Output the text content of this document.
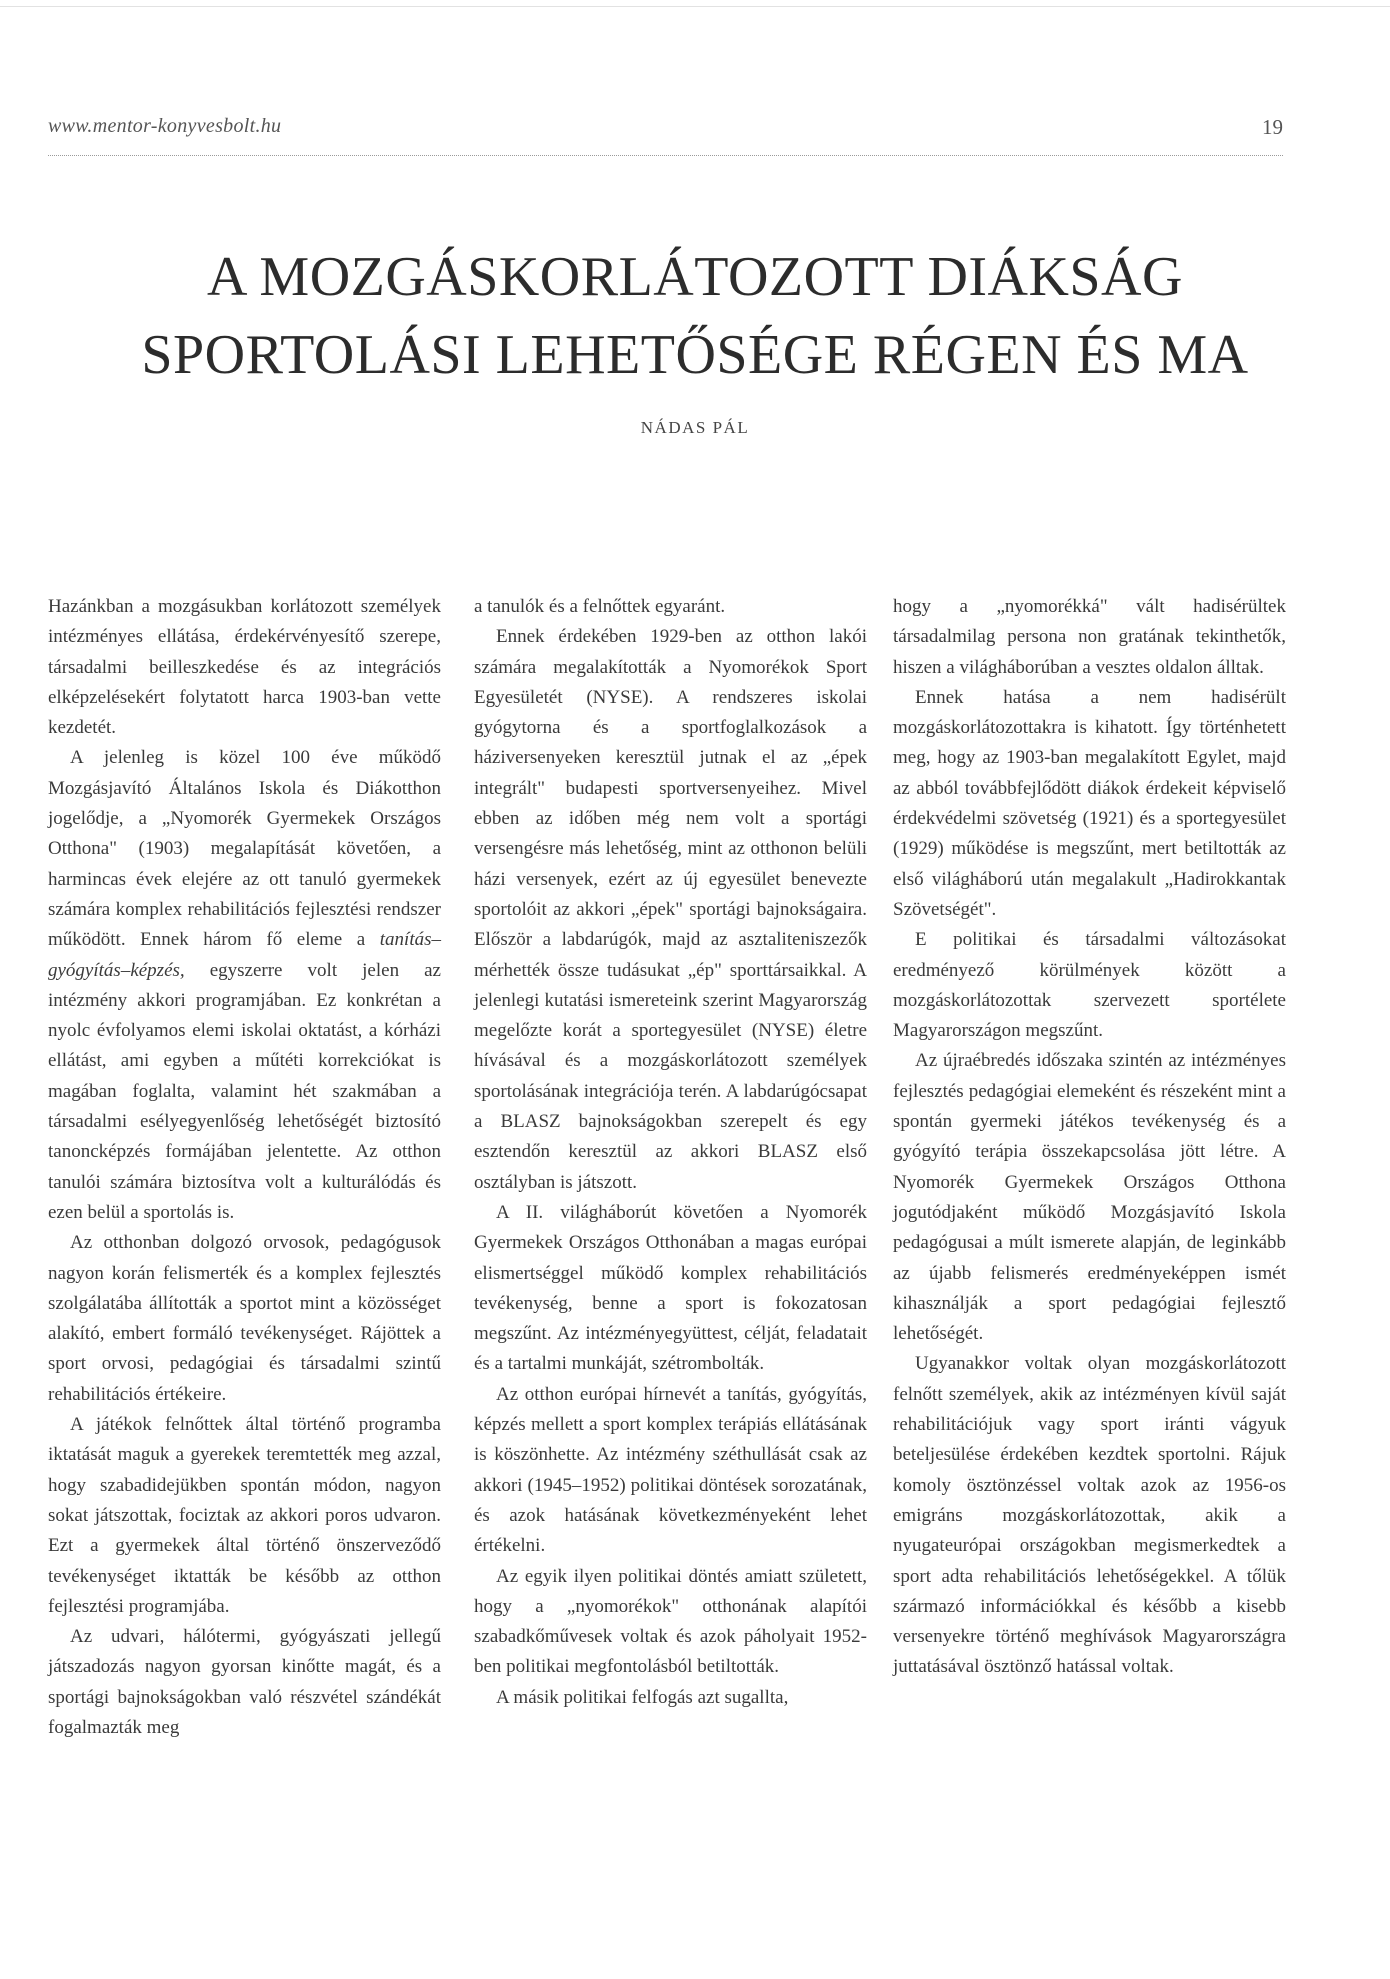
www.mentor-konyvesbolt.hu	19
A MOZGÁSKORLÁTOZOTT DIÁKSÁG
SPORTOLÁSI LEHETŐSÉGE RÉGEN ÉS MA
NÁDAS PÁL

Hazánkban a mozgásukban korlátozott személyek intézményes ellátása, érdekérvényesítő szerepe, társadalmi beilleszkedése és az integrációs elképzelésekért folytatott harca 1903-ban vette kezdetét.

A jelenleg is közel 100 éve működő Mozgásjavító Általános Iskola és Diákotthon jogelődje, a „Nyomorék Gyermekek Országos Otthona" (1903) megalapítását követően, a harmincas évek elejére az ott tanuló gyermekek számára komplex rehabilitációs fejlesztési rendszer működött. Ennek három fő eleme a tanítás–gyógyítás–képzés, egyszerre volt jelen az intézmény akkori programjában. Ez konkrétan a nyolc évfolyamos elemi iskolai oktatást, a kórházi ellátást, ami egyben a műtéti korrekciókat is magában foglalta, valamint hét szakmában a társadalmi esélyegyenlőség lehetőségét biztosító tanoncképzés formájában jelentette. Az otthon tanulói számára biztosítva volt a kulturálódás és ezen belül a sportolás is.

Az otthonban dolgozó orvosok, pedagógusok nagyon korán felismerték és a komplex fejlesztés szolgálatába állították a sportot mint a közösséget alakító, embert formáló tevékenységet. Rájöttek a sport orvosi, pedagógiai és társadalmi szintű rehabilitációs értékeire.

A játékok felnőttek által történő programba iktatását maguk a gyerekek teremtették meg azzal, hogy szabadidejükben spontán módon, nagyon sokat játszottak, fociztak az akkori poros udvaron. Ezt a gyermekek által történő önszerveződő tevékenységet iktatták be később az otthon fejlesztési programjába.

Az udvari, hálótermi, gyógyászati jellegű játszadozás nagyon gyorsan kinőtte magát, és a sportági bajnokságokban való részvétel szándékát fogalmazták meg

a tanulók és a felnőttek egyaránt.

Ennek érdekében 1929-ben az otthon lakói számára megalakították a Nyomorékok Sport Egyesületét (NYSE). A rendszeres iskolai gyógytorna és a sportfoglalkozások a háziversenyeken keresztül jutnak el az „épek integrált" budapesti sportversenyeihez. Mivel ebben az időben még nem volt a sportági versengésre más lehetőség, mint az otthonon belüli házi versenyek, ezért az új egyesület benevezte sportolóit az akkori „épek" sportági bajnokságaira. Először a labdarúgók, majd az asztaliteniszezők mérhették össze tudásukat „ép" sporttársaikkal. A jelenlegi kutatási ismereteink szerint Magyarország megelőzte korát a sportegyesület (NYSE) életre hívásával és a mozgáskorlátozott személyek sportolásának integrációja terén. A labdarúgócsapat a BLASZ bajnokságokban szerepelt és egy esztendőn keresztül az akkori BLASZ első osztályban is játszott.

A II. világháborút követően a Nyomorék Gyermekek Országos Otthonában a magas európai elismertséggel működő komplex rehabilitációs tevékenység, benne a sport is fokozatosan megszűnt. Az intézményegyüttest, célját, feladatait és a tartalmi munkáját, szétrombolták.

Az otthon európai hírnevét a tanítás, gyógyítás, képzés mellett a sport komplex terápiás ellátásának is köszönhette. Az intézmény széthullását csak az akkori (1945–1952) politikai döntések sorozatának, és azok hatásának következményeként lehet értékelni.

Az egyik ilyen politikai döntés amiatt született, hogy a „nyomorékok" otthonának alapítói szabadkőművesek voltak és azok páholyait 1952-ben politikai megfontolásból betiltották.

A másik politikai felfogás azt sugallta,

hogy a „nyomorékká" vált hadisérültek társadalmilag persona non gratának tekinthetők, hiszen a világháborúban a vesztes oldalon álltak.

Ennek hatása a nem hadisérült mozgáskorlátozottakra is kihatott. Így történhetett meg, hogy az 1903-ban megalakított Egylet, majd az abból továbbfejlődött diákok érdekeit képviselő érdekvédelmi szövetség (1921) és a sportegyesület (1929) működése is megszűnt, mert betiltották az első világháború után megalakult „Hadirokkantak Szövetségét".

E politikai és társadalmi változásokat eredményező körülmények között a mozgáskorlátozottak szervezett sportélete Magyarországon megszűnt.

Az újraébredés időszaka szintén az intézményes fejlesztés pedagógiai elemeként és részeként mint a spontán gyermeki játékos tevékenység és a gyógyító terápia összekapcsolása jött létre. A Nyomorék Gyermekek Országos Otthona jogutódjaként működő Mozgásjavító Iskola pedagógusai a múlt ismerete alapján, de leginkább az újabb felismerés eredményeképpen ismét kihasználják a sport pedagógiai fejlesztő lehetőségét.

Ugyanakkor voltak olyan mozgáskorlátozott felnőtt személyek, akik az intézményen kívül saját rehabilitációjuk vagy sport iránti vágyuk beteljesülése érdekében kezdtek sportolni. Rájuk komoly ösztönzéssel voltak azok az 1956-os emigráns mozgáskorlátozottak, akik a nyugateurópai országokban megismerkedtek a sport adta rehabilitációs lehetőségekkel. A tőlük származó információkkal és később a kisebb versenyekre történő meghívások Magyarországra juttatásával ösztönző hatással voltak.
